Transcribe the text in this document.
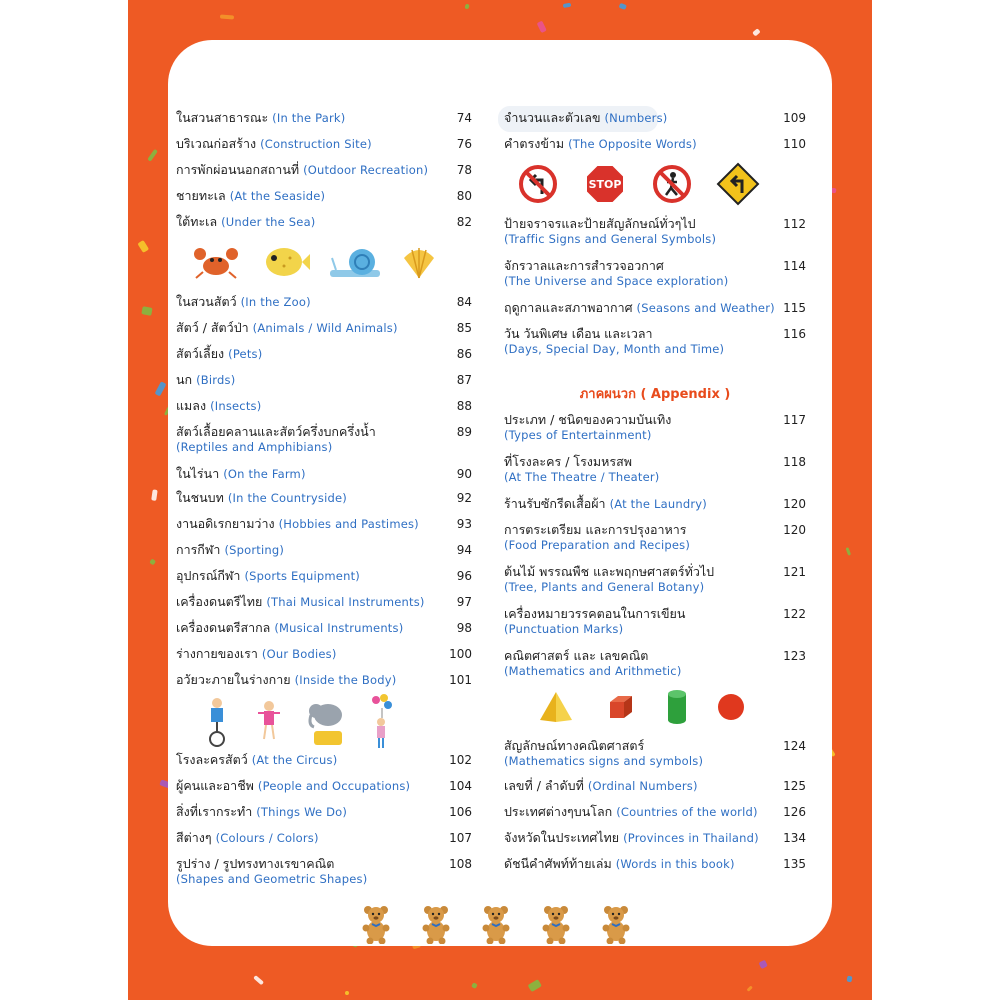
ในสวนสาธารณะ (In the Park)	74
บริเวณก่อสร้าง (Construction Site)	76
การพักผ่อนนอกสถานที่ (Outdoor Recreation)	78
ชายทะเล (At the Seaside)	80
ใต้ทะเล (Under the Sea)	82
ในสวนสัตว์ (In the Zoo)	84
สัตว์ / สัตว์ป่า (Animals / Wild Animals)	85
สัตว์เลี้ยง (Pets)	86
นก (Birds)	87
แมลง (Insects)	88
สัตว์เลื้อยคลานและสัตว์ครึ่งบกครึ่งน้ำ
(Reptiles and Amphibians)
89
ในไร่นา (On the Farm)	90
ในชนบท (In the Countryside)	92
งานอดิเรกยามว่าง (Hobbies and Pastimes)	93
การกีฬา (Sporting)	94
อุปกรณ์กีฬา (Sports Equipment)	96
เครื่องดนตรีไทย (Thai Musical Instruments)	97
เครื่องดนตรีสากล (Musical Instruments)	98
ร่างกายของเรา (Our Bodies)	100
อวัยวะภายในร่างกาย (Inside the Body)	101
โรงละครสัตว์ (At the Circus)	102
ผู้คนและอาชีพ (People and Occupations)	104
สิ่งที่เรากระทำ (Things We Do)	106
สีต่างๆ (Colours / Colors)	107
รูปร่าง / รูปทรงทางเรขาคณิต
(Shapes and Geometric Shapes)
108
จำนวนและตัวเลข (Numbers)	109
คำตรงข้าม (The Opposite Words)	110
ป้ายจราจรและป้ายสัญลักษณ์ทั่วๆไป
(Traffic Signs and General Symbols)
112
จักรวาลและการสำรวจอวกาศ
(The Universe and Space exploration)
114
ฤดูกาลและสภาพอากาศ (Seasons and Weather) 115
วัน วันพิเศษ เดือน และเวลา
(Days, Special Day, Month and Time)
116
ประเภท / ชนิดของความบันเทิง
(Types of Entertainment)
117
ที่โรงละคร / โรงมหรสพ
(At The Theatre / Theater)
118
ร้านรับซักรีดเสื้อผ้า (At the Laundry)	120
การตระเตรียม และการปรุงอาหาร
(Food Preparation and Recipes)
120
ต้นไม้ พรรณพืช และพฤกษศาสตร์ทั่วไป
(Tree, Plants and General Botany)
121
เครื่องหมายวรรคตอนในการเขียน
(Punctuation Marks)
122
คณิตศาสตร์ และ เลขคณิต
(Mathematics and Arithmetic)
123
สัญลักษณ์ทางคณิตศาสตร์
(Mathematics signs and symbols)
124
เลขที่ / ลำดับที่ (Ordinal Numbers)	125
ประเทศต่างๆบนโลก (Countries of the world)	126
จังหวัดในประเทศไทย (Provinces in Thailand)	134
ดัชนีคำศัพท์ท้ายเล่ม (Words in this book)	135
ภาคผนวก ( Appendix )
STOP
